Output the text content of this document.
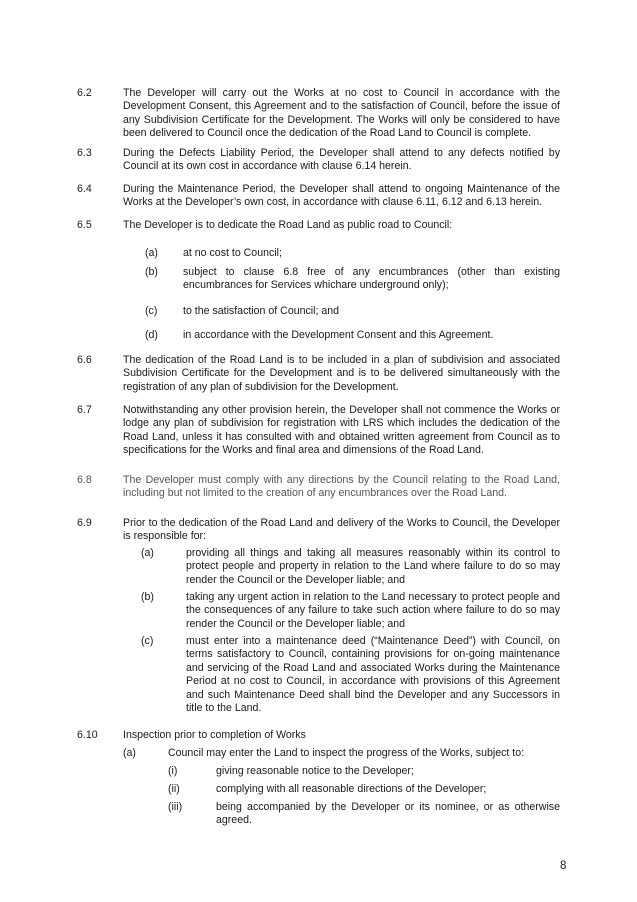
6.2	The Developer will carry out the Works at no cost to Council in accordance with the Development Consent, this Agreement and to the satisfaction of Council, before the issue of any Subdivision Certificate for the Development. The Works will only be considered to have been delivered to Council once the dedication of the Road Land to Council is complete.
6.3	During the Defects Liability Period, the Developer shall attend to any defects notified by Council at its own cost in accordance with clause 6.14 herein.
6.4	During the Maintenance Period, the Developer shall attend to ongoing Maintenance of the Works at the Developer’s own cost, in accordance with clause 6.11, 6.12 and 6.13 herein.
6.5	The Developer is to dedicate the Road Land as public road to Council:
(a) at no cost to Council;
(b) subject to clause 6.8 free of any encumbrances (other than existing encumbrances for Services whichare underground only);
(c) to the satisfaction of Council; and
(d) in accordance with the Development Consent and this Agreement.
6.6	The dedication of the Road Land is to be included in a plan of subdivision and associated Subdivision Certificate for the Development and is to be delivered simultaneously with the registration of any plan of subdivision for the Development.
6.7	Notwithstanding any other provision herein, the Developer shall not commence the Works or lodge any plan of subdivision for registration with LRS which includes the dedication of the Road Land, unless it has consulted with and obtained written agreement from Council as to specifications for the Works and final area and dimensions of the Road Land.
6.8	The Developer must comply with any directions by the Council relating to the Road Land, including but not limited to the creation of any encumbrances over the Road Land.
6.9	Prior to the dedication of the Road Land and delivery of the Works to Council, the Developer is responsible for:
(a)	providing all things and taking all measures reasonably within its control to protect people and property in relation to the Land where failure to do so may render the Council or the Developer liable; and
(b)	taking any urgent action in relation to the Land necessary to protect people and the consequences of any failure to take such action where failure to do so may render the Council or the Developer liable; and
(c)	must enter into a maintenance deed (“Maintenance Deed”) with Council, on terms satisfactory to Council, containing provisions for on-going maintenance and servicing of the Road Land and associated Works during the Maintenance Period at no cost to Council, in accordance with provisions of this Agreement and such Maintenance Deed shall bind the Developer and any Successors in title to the Land.
6.10 Inspection prior to completion of Works
(a)	Council may enter the Land to inspect the progress of the Works, subject to:
(i)	giving reasonable notice to the Developer;
(ii)	complying with all reasonable directions of the Developer;
(iii)	being accompanied by the Developer or its nominee, or as otherwise agreed.
8
